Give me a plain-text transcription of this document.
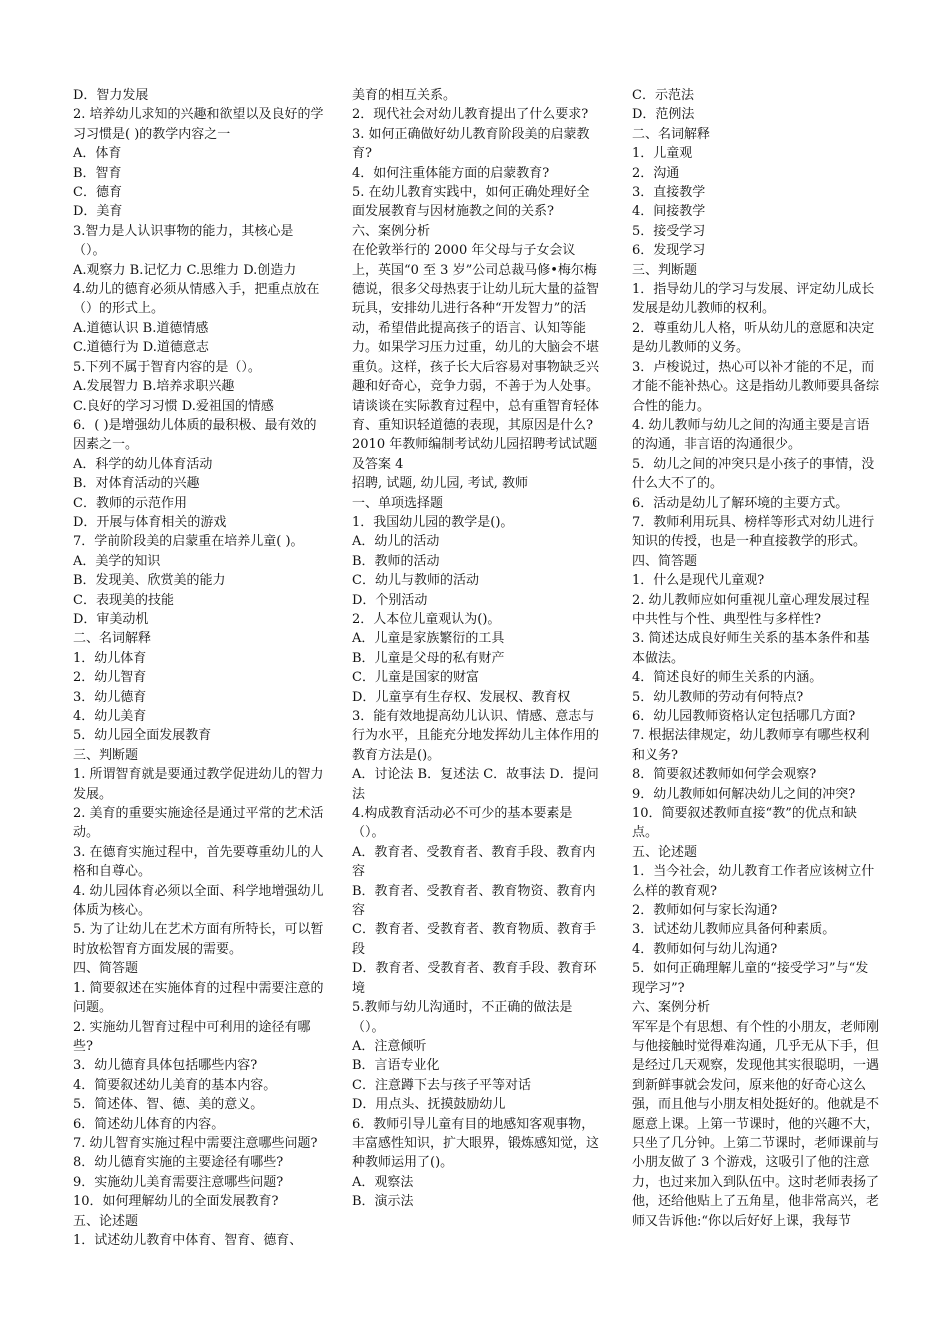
D．智力发展
2. 培养幼儿求知的兴趣和欲望以及良好的学习习惯是( )的教学内容之一
A．体育
B．智育
C．德育
D．美育
3.智力是人认识事物的能力，其核心是（）。
A.观察力 B.记忆力 C.思维力 D.创造力
4.幼儿的德育必须从情感入手，把重点放在（）的形式上。
A.道德认识 B.道德情感
C.道德行为 D.道德意志
5.下列不属于智育内容的是（）。
A.发展智力 B.培养求职兴趣
C.良好的学习习惯 D.爱祖国的情感
6．( )是增强幼儿体质的最积极、最有效的因素之一。
A．科学的幼儿体育活动
B．对体育活动的兴趣
C．教师的示范作用
D．开展与体育相关的游戏
7．学前阶段美的启蒙重在培养儿童( )。
A．美学的知识
B．发现美、欣赏美的能力
C．表现美的技能
D．审美动机
二、名词解释
1．幼儿体育
2．幼儿智育
3．幼儿德育
4．幼儿美育
5．幼儿园全面发展教育
三、判断题
1. 所谓智育就是要通过教学促进幼儿的智力发展。
2. 美育的重要实施途径是通过平常的艺术活动。
3. 在德育实施过程中，首先要尊重幼儿的人格和自尊心。
4. 幼儿园体育必须以全面、科学地增强幼儿体质为核心。
5. 为了让幼儿在艺术方面有所特长，可以暂时放松智育方面发展的需要。
四、简答题
1. 简要叙述在实施体育的过程中需要注意的问题。
2. 实施幼儿智育过程中可利用的途径有哪些?
3．幼儿德育具体包括哪些内容?
4．简要叙述幼儿美育的基本内容。
5．简述体、智、德、美的意义。
6．简述幼儿体育的内容。
7. 幼儿智育实施过程中需要注意哪些问题?
8．幼儿德育实施的主要途径有哪些?
9．实施幼儿美育需要注意哪些问题?
10．如何理解幼儿的全面发展教育?
五、论述题
1．试述幼儿教育中体育、智育、德育、
美育的相互关系。
2．现代社会对幼儿教育提出了什么要求?
3. 如何正确做好幼儿教育阶段美的启蒙教育?
4．如何注重体能方面的启蒙教育?
5. 在幼儿教育实践中，如何正确处理好全面发展教育与因材施教之间的关系?
六、案例分析
在伦敦举行的 2000 年父母与子女会议上，英国“0 至 3 岁”公司总裁马修•梅尔梅德说，很多父母热衷于让幼儿玩大量的益智玩具，安排幼儿进行各种“开发智力”的活动，希望借此提高孩子的语言、认知等能力。如果学习压力过重，幼儿的大脑会不堪重负。这样，孩子长大后容易对事物缺乏兴趣和好奇心，竞争力弱，不善于为人处事。
请谈谈在实际教育过程中，总有重智育轻体育、重知识轻道德的表现，其原因是什么?
2010 年教师编制考试幼儿园招聘考试试题及答案 4
招聘, 试题, 幼儿园, 考试, 教师
一、单项选择题
1．我国幼儿园的教学是()。
A．幼儿的活动
B．教师的活动
C．幼儿与教师的活动
D．个别活动
2．人本位儿童观认为()。
A．儿童是家族繁衍的工具
B．儿童是父母的私有财产
C．儿童是国家的财富
D．儿童享有生存权、发展权、教育权
3．能有效地提高幼儿认识、情感、意志与行为水平，且能充分地发挥幼儿主体作用的教育方法是()。
A．讨论法 B．复述法 C．故事法 D．提问法
4.构成教育活动必不可少的基本要素是（）。
A．教育者、受教育者、教育手段、教育内容
B．教育者、受教育者、教育物资、教育内容
C．教育者、受教育者、教育物质、教育手段
D．教育者、受教育者、教育手段、教育环境
5.教师与幼儿沟通时，不正确的做法是（）。
A．注意倾听
B．言语专业化
C．注意蹲下去与孩子平等对话
D．用点头、抚摸鼓励幼儿
6．教师引导儿童有目的地感知客观事物，丰富感性知识，扩大眼界，锻炼感知觉，这种教师运用了()。
A．观察法
B．演示法
C．示范法
D．范例法
二、名词解释
1．儿童观
2．沟通
3．直接教学
4．间接教学
5．接受学习
6．发现学习
三、判断题
1．指导幼儿的学习与发展、评定幼儿成长发展是幼儿教师的权利。
2．尊重幼儿人格，听从幼儿的意愿和决定是幼儿教师的义务。
3．卢梭说过，热心可以补才能的不足，而才能不能补热心。这是指幼儿教师要具备综合性的能力。
4. 幼儿教师与幼儿之间的沟通主要是言语的沟通，非言语的沟通很少。
5．幼儿之间的冲突只是小孩子的事情，没什么大不了的。
6．活动是幼儿了解环境的主要方式。
7．教师利用玩具、榜样等形式对幼儿进行知识的传授，也是一种直接教学的形式。
四、简答题
1．什么是现代儿童观?
2. 幼儿教师应如何重视儿童心理发展过程中共性与个性、典型性与多样性?
3. 简述达成良好师生关系的基本条件和基本做法。
4．简述良好的师生关系的内涵。
5．幼儿教师的劳动有何特点?
6．幼儿园教师资格认定包括哪几方面?
7. 根据法律规定，幼儿教师享有哪些权利和义务?
8．简要叙述教师如何学会观察?
9．幼儿教师如何解决幼儿之间的冲突?
10．简要叙述教师直接“教”的优点和缺点。
五、论述题
1．当今社会，幼儿教育工作者应该树立什么样的教育观?
2．教师如何与家长沟通?
3．试述幼儿教师应具备何种素质。
4．教师如何与幼儿沟通?
5．如何正确理解儿童的“接受学习”与“发现学习”?
六、案例分析
军军是个有思想、有个性的小朋友，老师刚与他接触时觉得难沟通，几乎无从下手，但是经过几天观察，发现他其实很聪明，一遇到新鲜事就会发问，原来他的好奇心这么强，而且他与小朋友相处挺好的。他就是不愿意上课。上第一节课时，他的兴趣不大，只坐了几分钟。上第二节课时，老师课前与小朋友做了 3 个游戏，这吸引了他的注意力，也过来加入到队伍中。这时老师表扬了他，还给他贴上了五角星，他非常高兴，老师又告诉他:“你以后好好上课，我每节
